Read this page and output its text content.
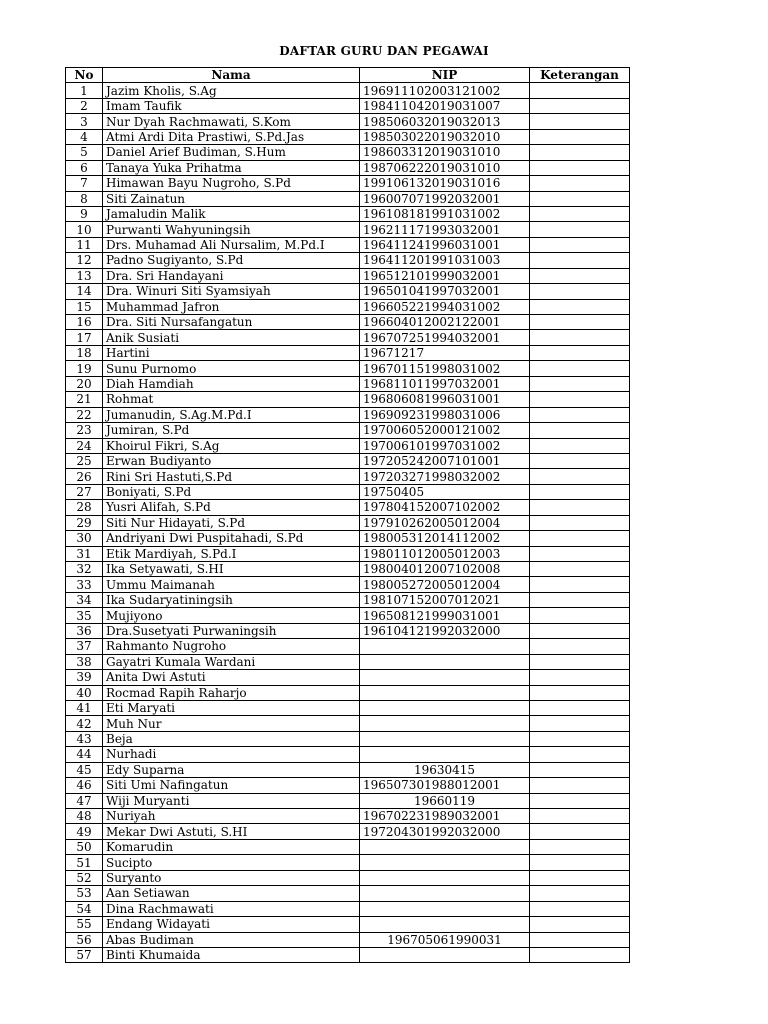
DAFTAR GURU DAN PEGAWAI
No	Nama	NIP	Keterangan
1	Jazim Kholis, S.Ag	196911102003121002	
2	Imam Taufik	198411042019031007	
3	Nur Dyah Rachmawati, S.Kom	198506032019032013	
4	Atmi Ardi Dita Prastiwi, S.Pd.Jas	198503022019032010	
5	Daniel Arief Budiman, S.Hum	198603312019031010	
6	Tanaya Yuka Prihatma	198706222019031010	
7	Himawan Bayu Nugroho, S.Pd	199106132019031016	
8	Siti Zainatun	196007071992032001	
9	Jamaludin Malik	196108181991031002	
10	Purwanti Wahyuningsih	196211171993032001	
11	Drs. Muhamad Ali Nursalim, M.Pd.I	196411241996031001	
12	Padno Sugiyanto, S.Pd	196411201991031003	
13	Dra. Sri Handayani	196512101999032001	
14	Dra. Winuri Siti Syamsiyah	196501041997032001	
15	Muhammad Jafron	196605221994031002	
16	Dra. Siti Nursafangatun	196604012002122001	
17	Anik Susiati	196707251994032001	
18	Hartini	19671217	
19	Sunu Purnomo	196701151998031002	
20	Diah Hamdiah	196811011997032001	
21	Rohmat	196806081996031001	
22	Jumanudin, S.Ag.M.Pd.I	196909231998031006	
23	Jumiran, S.Pd	197006052000121002	
24	Khoirul Fikri, S.Ag	197006101997031002	
25	Erwan Budiyanto	197205242007101001	
26	Rini Sri Hastuti,S.Pd	197203271998032002	
27	Boniyati, S.Pd	19750405	
28	Yusri Alifah, S.Pd	197804152007102002	
29	Siti Nur Hidayati, S.Pd	197910262005012004	
30	Andriyani Dwi Puspitahadi, S.Pd	198005312014112002	
31	Etik Mardiyah, S.Pd.I	198011012005012003	
32	Ika Setyawati, S.HI	198004012007102008	
33	Ummu Maimanah	198005272005012004	
34	Ika Sudaryatiningsih	198107152007012021	
35	Mujiyono	196508121999031001	
36	Dra.Susetyati Purwaningsih	196104121992032000	
37	Rahmanto Nugroho		
38	Gayatri Kumala Wardani		
39	Anita Dwi Astuti		
40	Rocmad Rapih Raharjo		
41	Eti Maryati		
42	Muh Nur		
43	Beja		
44	Nurhadi		
45	Edy Suparna	19630415	
46	Siti Umi Nafingatun	196507301988012001	
47	Wiji Muryanti	19660119	
48	Nuriyah	196702231989032001	
49	Mekar Dwi Astuti, S.HI	197204301992032000	
50	Komarudin		
51	Sucipto		
52	Suryanto		
53	Aan Setiawan		
54	Dina Rachmawati		
55	Endang Widayati		
56	Abas Budiman	196705061990031	
57	Binti Khumaida		
